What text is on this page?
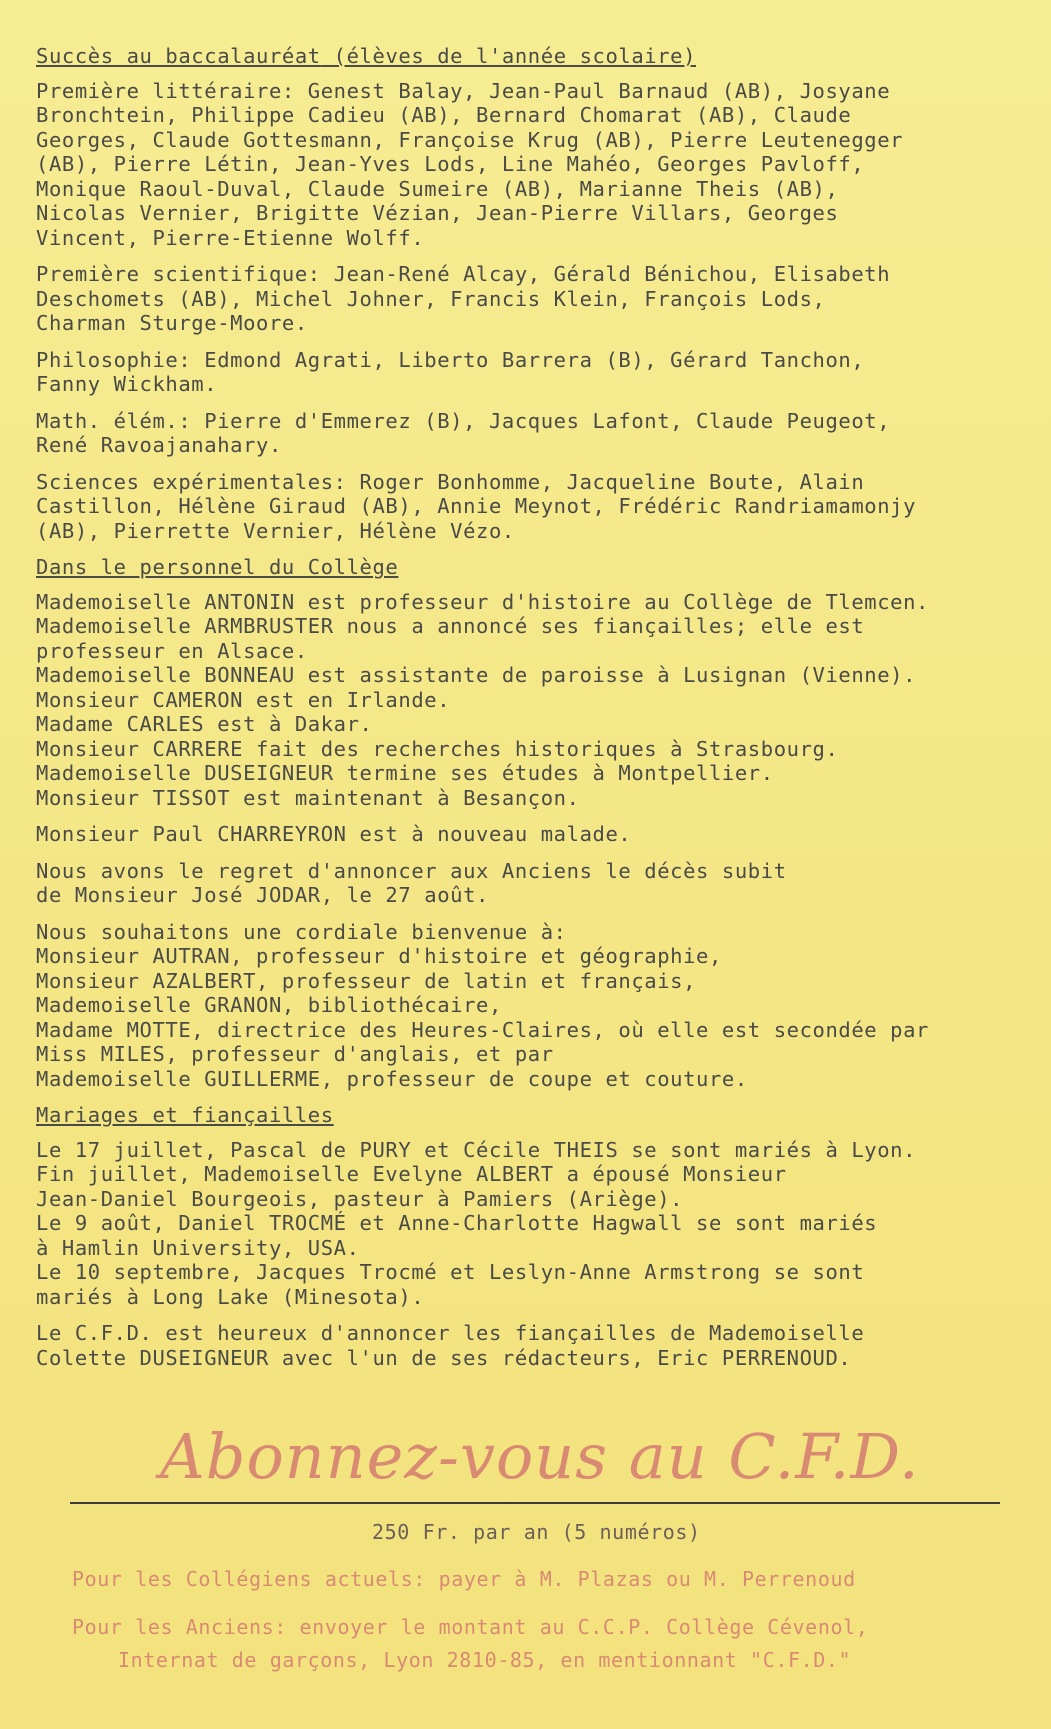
Succès au baccalauréat (élèves de l'année scolaire)
Première littéraire: Genest Balay, Jean-Paul Barnaud (AB), Josyane
Bronchtein, Philippe Cadieu (AB), Bernard Chomarat (AB), Claude
Georges, Claude Gottesmann, Françoise Krug (AB), Pierre Leutenegger
(AB), Pierre Létin, Jean-Yves Lods, Line Mahéo, Georges Pavloff,
Monique Raoul-Duval, Claude Sumeire (AB), Marianne Theis (AB),
Nicolas Vernier, Brigitte Vézian, Jean-Pierre Villars, Georges
Vincent, Pierre-Etienne Wolff.
Première scientifique: Jean-René Alcay, Gérald Bénichou, Elisabeth
Deschomets (AB), Michel Johner, Francis Klein, François Lods,
Charman Sturge-Moore.
Philosophie: Edmond Agrati, Liberto Barrera (B), Gérard Tanchon,
Fanny Wickham.
Math. élém.: Pierre d'Emmerez (B), Jacques Lafont, Claude Peugeot,
René Ravoajanahary.
Sciences expérimentales: Roger Bonhomme, Jacqueline Boute, Alain
Castillon, Hélène Giraud (AB), Annie Meynot, Frédéric Randriamamonjy
(AB), Pierrette Vernier, Hélène Vézo.
Dans le personnel du Collège
Mademoiselle ANTONIN est professeur d'histoire au Collège de Tlemcen.
Mademoiselle ARMBRUSTER nous a annoncé ses fiançailles; elle est
professeur en Alsace.
Mademoiselle BONNEAU est assistante de paroisse à Lusignan (Vienne).
Monsieur CAMERON est en Irlande.
Madame CARLES est à Dakar.
Monsieur CARRERE fait des recherches historiques à Strasbourg.
Mademoiselle DUSEIGNEUR termine ses études à Montpellier.
Monsieur TISSOT est maintenant à Besançon.
Monsieur Paul CHARREYRON est à nouveau malade.
Nous avons le regret d'annoncer aux Anciens le décès subit
de Monsieur José JODAR, le 27 août.
Nous souhaitons une cordiale bienvenue à:
Monsieur AUTRAN, professeur d'histoire et géographie,
Monsieur AZALBERT, professeur de latin et français,
Mademoiselle GRANON, bibliothécaire,
Madame MOTTE, directrice des Heures-Claires, où elle est secondée par
Miss MILES, professeur d'anglais, et par
Mademoiselle GUILLERME, professeur de coupe et couture.
Mariages et fiançailles
Le 17 juillet, Pascal de PURY et Cécile THEIS se sont mariés à Lyon.
Fin juillet, Mademoiselle Evelyne ALBERT a épousé Monsieur
Jean-Daniel Bourgeois, pasteur à Pamiers (Ariège).
Le 9 août, Daniel TROCMÉ et Anne-Charlotte Hagwall se sont mariés
à Hamlin University, USA.
Le 10 septembre, Jacques Trocmé et Leslyn-Anne Armstrong se sont
mariés à Long Lake (Minesota).
Le C.F.D. est heureux d'annoncer les fiançailles de Mademoiselle
Colette DUSEIGNEUR avec l'un de ses rédacteurs, Eric PERRENOUD.
Abonnez-vous au C.F.D.
250 Fr. par an (5 numéros)
Pour les Collégiens actuels: payer à M. Plazas ou M. Perrenoud
Pour les Anciens: envoyer le montant au C.C.P. Collège Cévenol,
Internat de garçons, Lyon 2810-85, en mentionnant "C.F.D."
